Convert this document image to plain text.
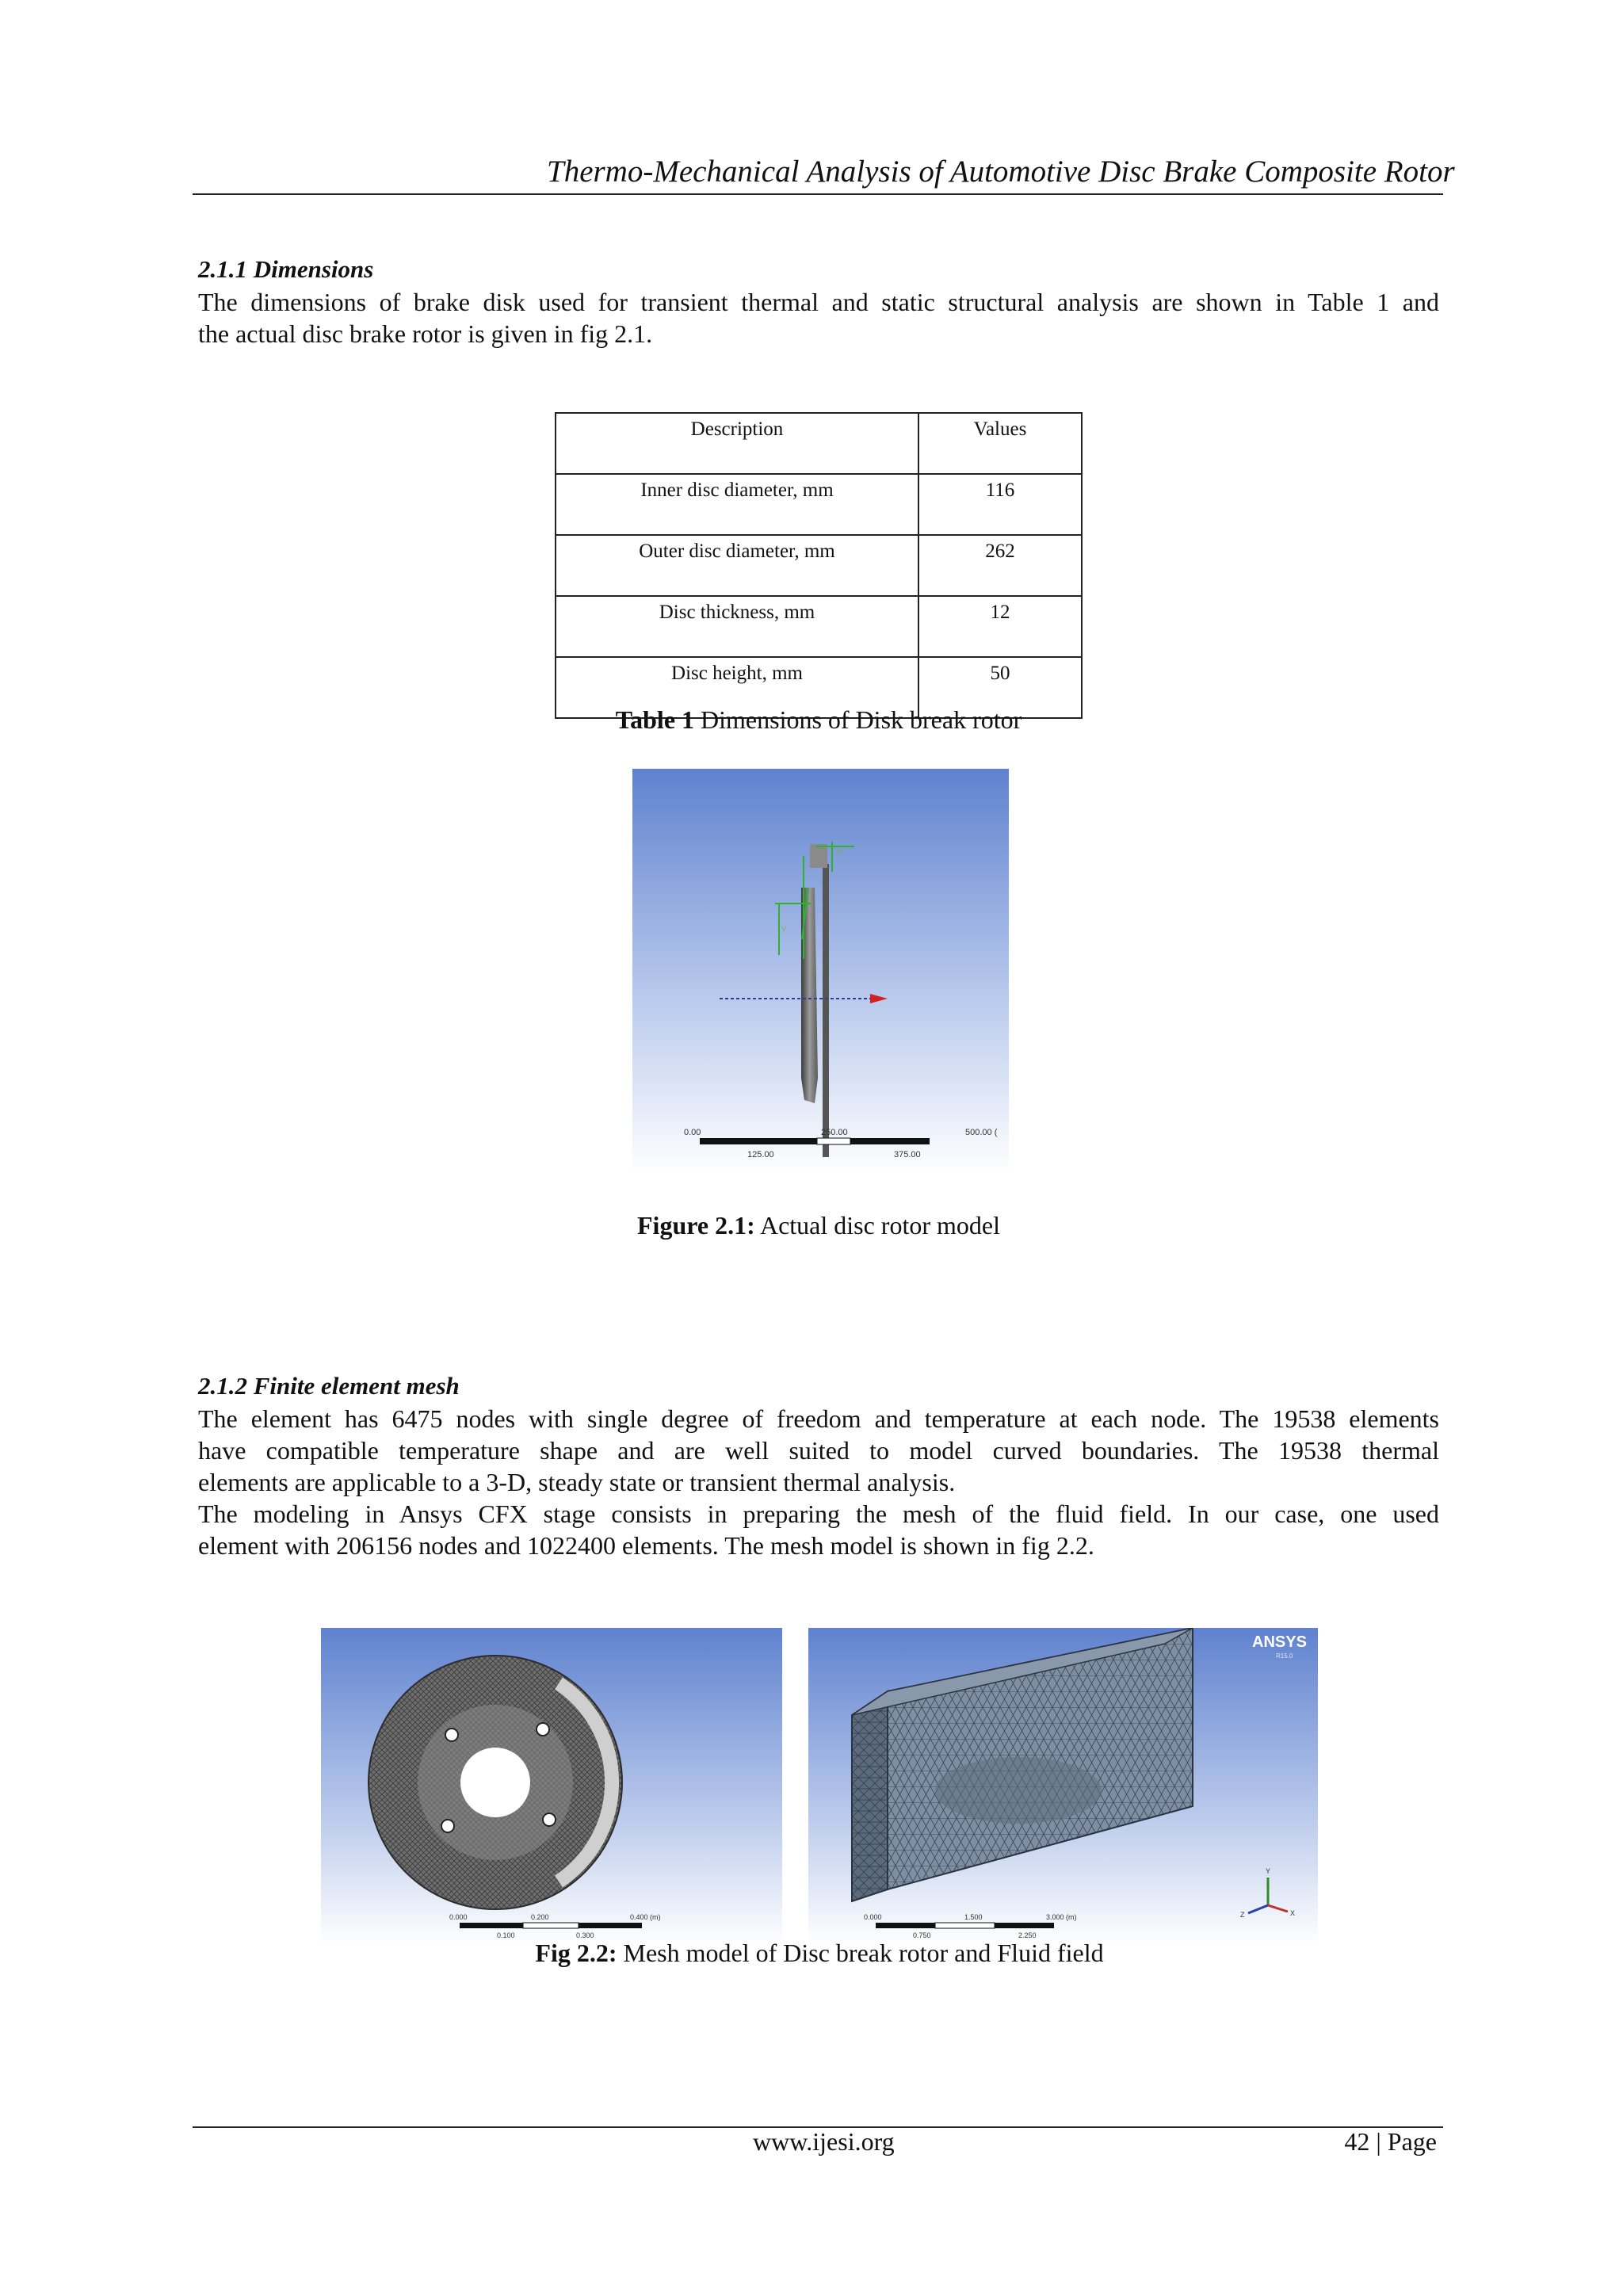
Thermo-Mechanical Analysis of Automotive Disc Brake Composite Rotor
2.1.1 Dimensions
The dimensions of brake disk used for transient thermal and static structural analysis are shown in Table 1 and
the actual disc brake rotor is given in fig 2.1.
Description	Values
Inner disc diameter, mm	116
Outer disc diameter, mm	262
Disc thickness, mm	12
Disc height, mm	50
Table 1 Dimensions of Disk break rotor
R
V
0.00	250.00	500.00 (
125.00	375.00
Figure 2.1: Actual disc rotor model
2.1.2 Finite element mesh
The element has 6475 nodes with single degree of freedom and temperature at each node. The 19538 elements
have compatible temperature shape and are well suited to model curved boundaries. The 19538 thermal
elements are applicable to a 3-D, steady state or transient thermal analysis.
The modeling in Ansys CFX stage consists in preparing the mesh of the fluid field. In our case, one used
element with 206156 nodes and 1022400 elements. The mesh model is shown in fig 2.2.
0.000	0.200	0.400 (m)
0.100	0.300
ANSYS
R15.0
Y
Z	X
0.000	1.500	3.000 (m)
0.750	2.250
Fig 2.2: Mesh model of Disc break rotor and Fluid field
www.ijesi.org	42 | Page
